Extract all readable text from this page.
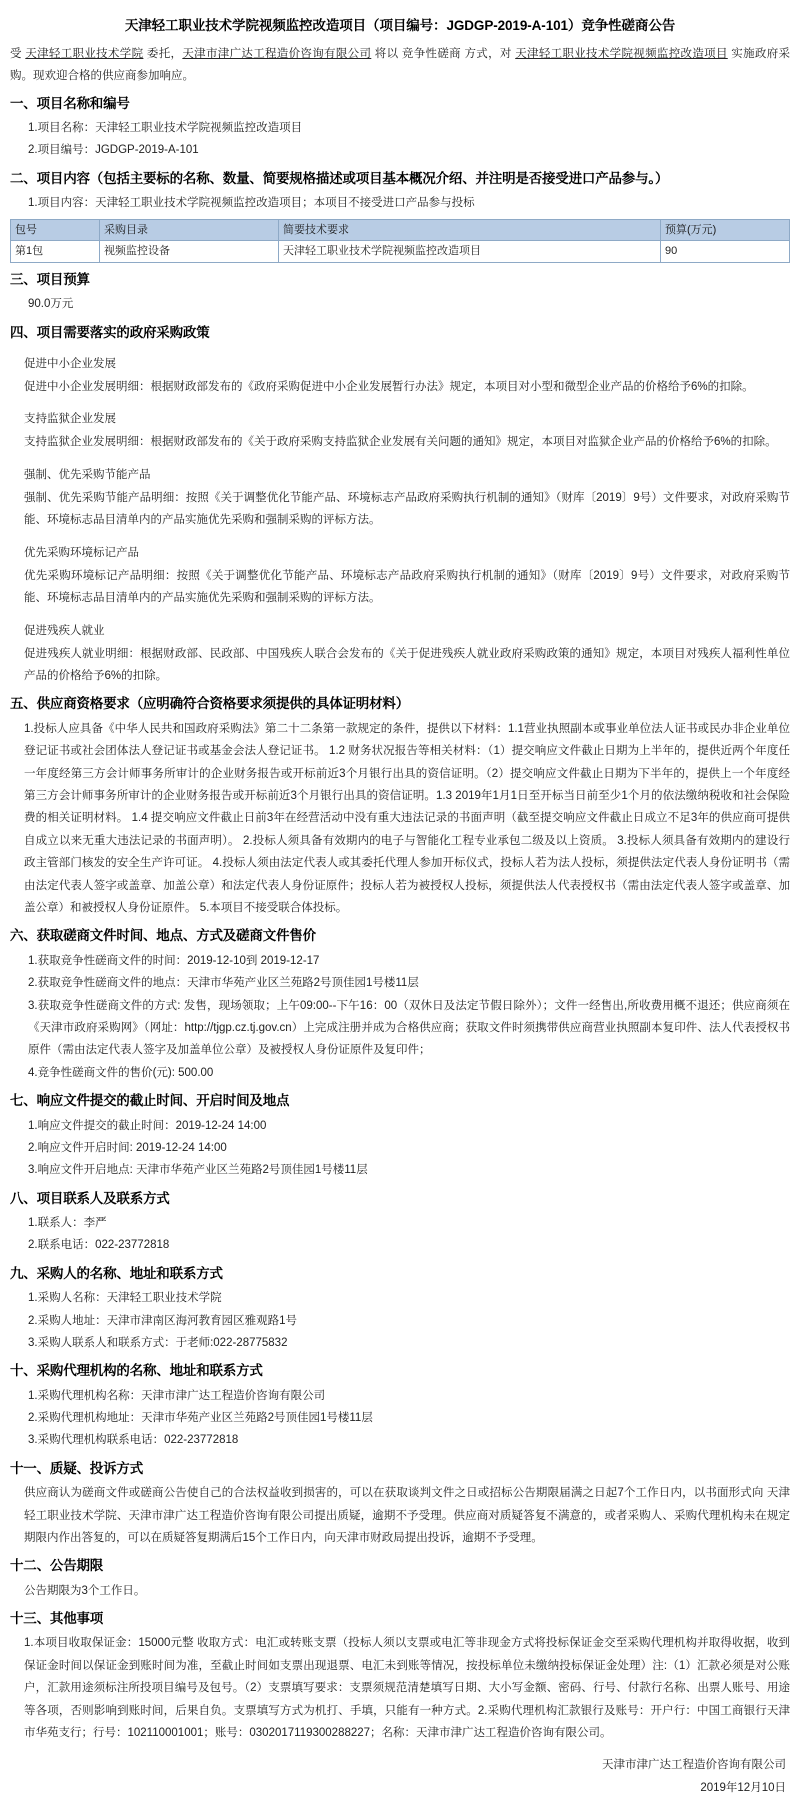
天津轻工职业技术学院视频监控改造项目（项目编号：JGDGP-2019-A-101）竞争性磋商公告

受 天津轻工职业技术学院 委托，天津市津广达工程造价咨询有限公司 将以 竞争性磋商 方式，对 天津轻工职业技术学院视频监控改造项目 实施政府采购。现欢迎合格的供应商参加响应。

一、项目名称和编号

1.项目名称：天津轻工职业技术学院视频监控改造项目

2.项目编号：JGDGP-2019-A-101

二、项目内容（包括主要标的名称、数量、简要规格描述或项目基本概况介绍、并注明是否接受进口产品参与。）

1.项目内容：天津轻工职业技术学院视频监控改造项目；本项目不接受进口产品参与投标

包号	采购目录	简要技术要求	预算(万元)
第1包	视频监控设备	天津轻工职业技术学院视频监控改造项目	90
三、项目预算

90.0万元

四、项目需要落实的政府采购政策

促进中小企业发展

促进中小企业发展明细：根据财政部发布的《政府采购促进中小企业发展暂行办法》规定，本项目对小型和微型企业产品的价格给予6%的扣除。

支持监狱企业发展

支持监狱企业发展明细：根据财政部发布的《关于政府采购支持监狱企业发展有关问题的通知》规定，本项目对监狱企业产品的价格给予6%的扣除。

强制、优先采购节能产品

强制、优先采购节能产品明细：按照《关于调整优化节能产品、环境标志产品政府采购执行机制的通知》（财库〔2019〕9号）文件要求，对政府采购节能、环境标志品目清单内的产品实施优先采购和强制采购的评标方法。

优先采购环境标记产品

优先采购环境标记产品明细：按照《关于调整优化节能产品、环境标志产品政府采购执行机制的通知》（财库〔2019〕9号）文件要求，对政府采购节能、环境标志品目清单内的产品实施优先采购和强制采购的评标方法。

促进残疾人就业

促进残疾人就业明细：根据财政部、民政部、中国残疾人联合会发布的《关于促进残疾人就业政府采购政策的通知》规定，本项目对残疾人福利性单位产品的价格给予6%的扣除。

五、供应商资格要求（应明确符合资格要求须提供的具体证明材料）

1.投标人应具备《中华人民共和国政府采购法》第二十二条第一款规定的条件，提供以下材料：1.1营业执照副本或事业单位法人证书或民办非企业单位登记证书或社会团体法人登记证书或基金会法人登记证书。 1.2 财务状况报告等相关材料：（1）提交响应文件截止日期为上半年的，提供近两个年度任一年度经第三方会计师事务所审计的企业财务报告或开标前近3个月银行出具的资信证明。（2）提交响应文件截止日期为下半年的，提供上一个年度经第三方会计师事务所审计的企业财务报告或开标前近3个月银行出具的资信证明。1.3 2019年1月1日至开标当日前至少1个月的依法缴纳税收和社会保险费的相关证明材料。 1.4 提交响应文件截止日前3年在经营活动中没有重大违法记录的书面声明（截至提交响应文件截止日成立不足3年的供应商可提供自成立以来无重大违法记录的书面声明）。 2.投标人须具备有效期内的电子与智能化工程专业承包二级及以上资质。 3.投标人须具备有效期内的建设行政主管部门核发的安全生产许可证。 4.投标人须由法定代表人或其委托代理人参加开标仪式，投标人若为法人投标，须提供法定代表人身份证明书（需由法定代表人签字或盖章、加盖公章）和法定代表人身份证原件；投标人若为被授权人投标，须提供法人代表授权书（需由法定代表人签字或盖章、加盖公章）和被授权人身份证原件。 5.本项目不接受联合体投标。

六、获取磋商文件时间、地点、方式及磋商文件售价

1.获取竞争性磋商文件的时间：2019-12-10到 2019-12-17

2.获取竞争性磋商文件的地点：天津市华苑产业区兰苑路2号顶佳园1号楼11层

3.获取竞争性磋商文件的方式: 发售，现场领取；上午09:00--下午16：00（双休日及法定节假日除外）；文件一经售出,所收费用概不退还；供应商须在《天津市政府采购网》（网址：http://tjgp.cz.tj.gov.cn）上完成注册并成为合格供应商；获取文件时须携带供应商营业执照副本复印件、法人代表授权书原件（需由法定代表人签字及加盖单位公章）及被授权人身份证原件及复印件；

4.竞争性磋商文件的售价(元): 500.00

七、响应文件提交的截止时间、开启时间及地点

1.响应文件提交的截止时间：2019-12-24 14:00

2.响应文件开启时间: 2019-12-24 14:00

3.响应文件开启地点: 天津市华苑产业区兰苑路2号顶佳园1号楼11层

八、项目联系人及联系方式

1.联系人：李严

2.联系电话：022-23772818

九、采购人的名称、地址和联系方式

1.采购人名称：天津轻工职业技术学院

2.采购人地址：天津市津南区海河教育园区雅观路1号

3.采购人联系人和联系方式：于老师:022-28775832

十、采购代理机构的名称、地址和联系方式

1.采购代理机构名称：天津市津广达工程造价咨询有限公司

2.采购代理机构地址：天津市华苑产业区兰苑路2号顶佳园1号楼11层

3.采购代理机构联系电话：022-23772818

十一、质疑、投诉方式

供应商认为磋商文件或磋商公告使自己的合法权益收到损害的，可以在获取谈判文件之日或招标公告期限届满之日起7个工作日内，以书面形式向 天津轻工职业技术学院、天津市津广达工程造价咨询有限公司提出质疑，逾期不予受理。供应商对质疑答复不满意的，或者采购人、采购代理机构未在规定期限内作出答复的，可以在质疑答复期满后15个工作日内，向天津市财政局提出投诉，逾期不予受理。

十二、公告期限

公告期限为3个工作日。

十三、其他事项

1.本项目收取保证金：15000元整 收取方式：电汇或转账支票（投标人须以支票或电汇等非现金方式将投标保证金交至采购代理机构并取得收据，收到保证金时间以保证金到账时间为准，至截止时间如支票出现退票、电汇未到账等情况，按投标单位未缴纳投标保证金处理）注:（1）汇款必须是对公账户，汇款用途须标注所投项目编号及包号。（2）支票填写要求：支票须规范清楚填写日期、大小写金额、密码、行号、付款行名称、出票人账号、用途等各项，否则影响到账时间，后果自负。支票填写方式为机打、手填，只能有一种方式。2.采购代理机构汇款银行及账号：开户行：中国工商银行天津市华苑支行；行号：102110001001；账号：0302017119300288227；名称：天津市津广达工程造价咨询有限公司。

天津市津广达工程造价咨询有限公司
2019年12月10日
